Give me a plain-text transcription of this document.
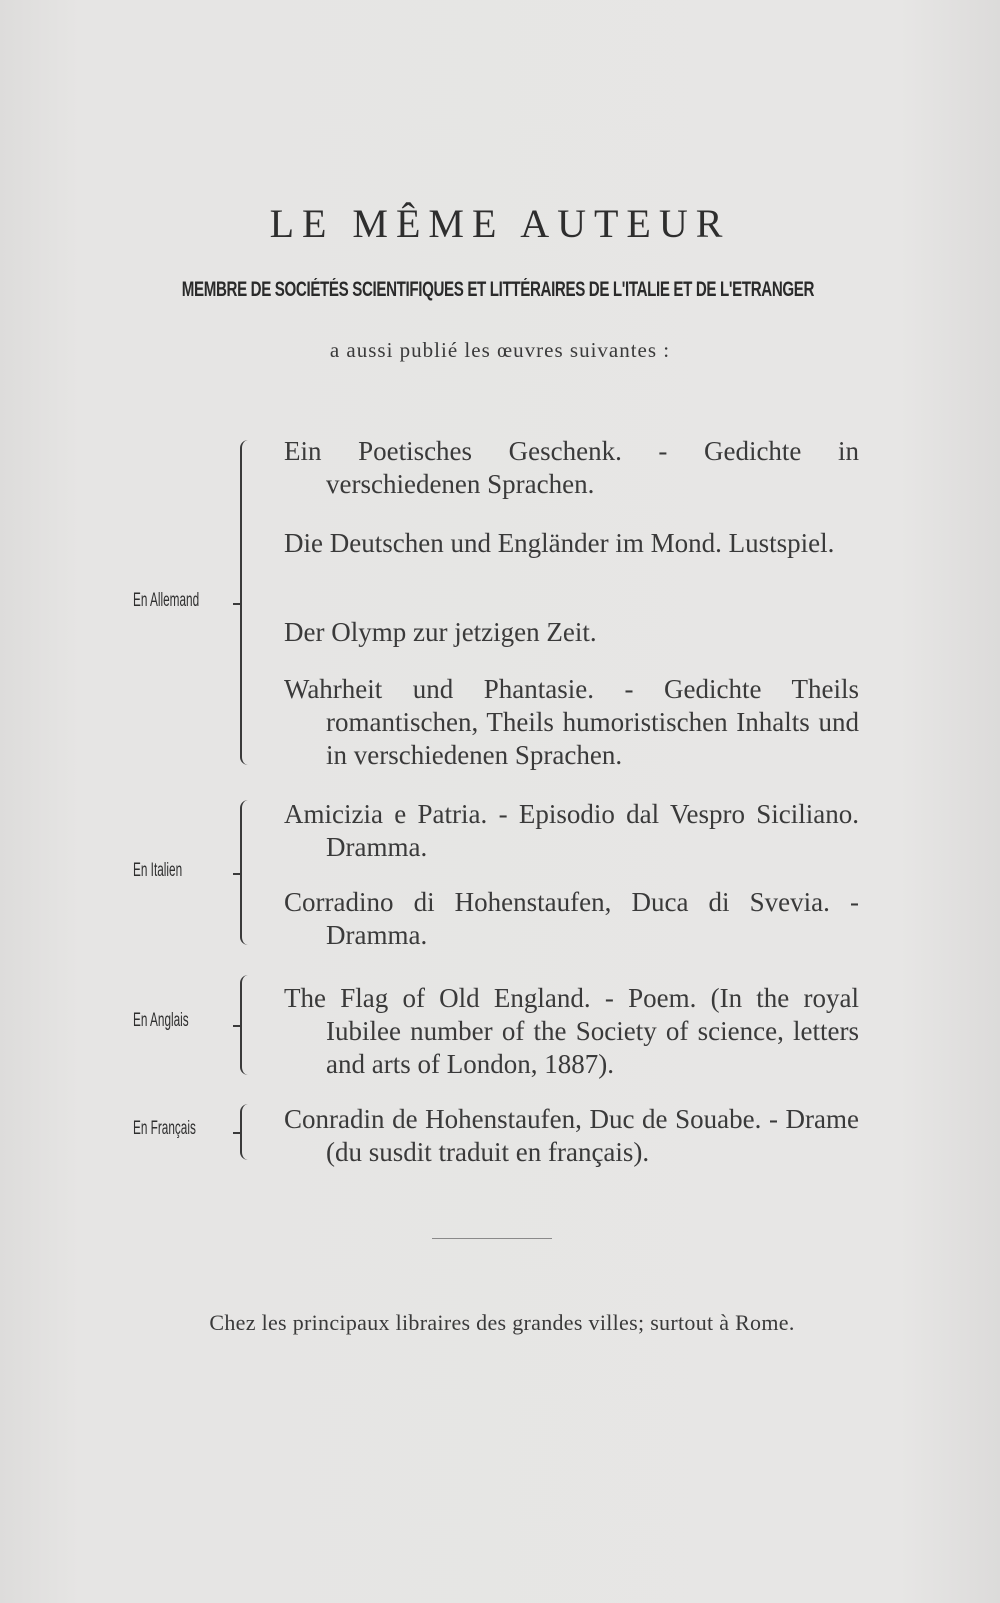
LE MÊME AUTEUR
MEMBRE DE SOCIÉTÉS SCIENTIFIQUES ET LITTÉRAIRES DE L'ITALIE ET DE L'ETRANGER
a aussi publié les œuvres suivantes :
En Allemand
Ein Poetisches Geschenk. - Gedichte in verschiedenen Sprachen.
Die Deutschen und Engländer im Mond. Lustspiel.
Der Olymp zur jetzigen Zeit.
Wahrheit und Phantasie. - Gedichte Theils romantischen, Theils humoristischen Inhalts und in verschiedenen Sprachen.
En Italien
Amicizia e Patria. - Episodio dal Vespro Siciliano. Dramma.
Corradino di Hohenstaufen, Duca di Svevia. - Dramma.
En Anglais
The Flag of Old England. - Poem. (In the royal Iubilee number of the Society of science, letters and arts of London, 1887).
En Français	Conradin de Hohenstaufen, Duc de Souabe. - Drame (du susdit traduit en français).
Chez les principaux libraires des grandes villes; surtout à Rome.
